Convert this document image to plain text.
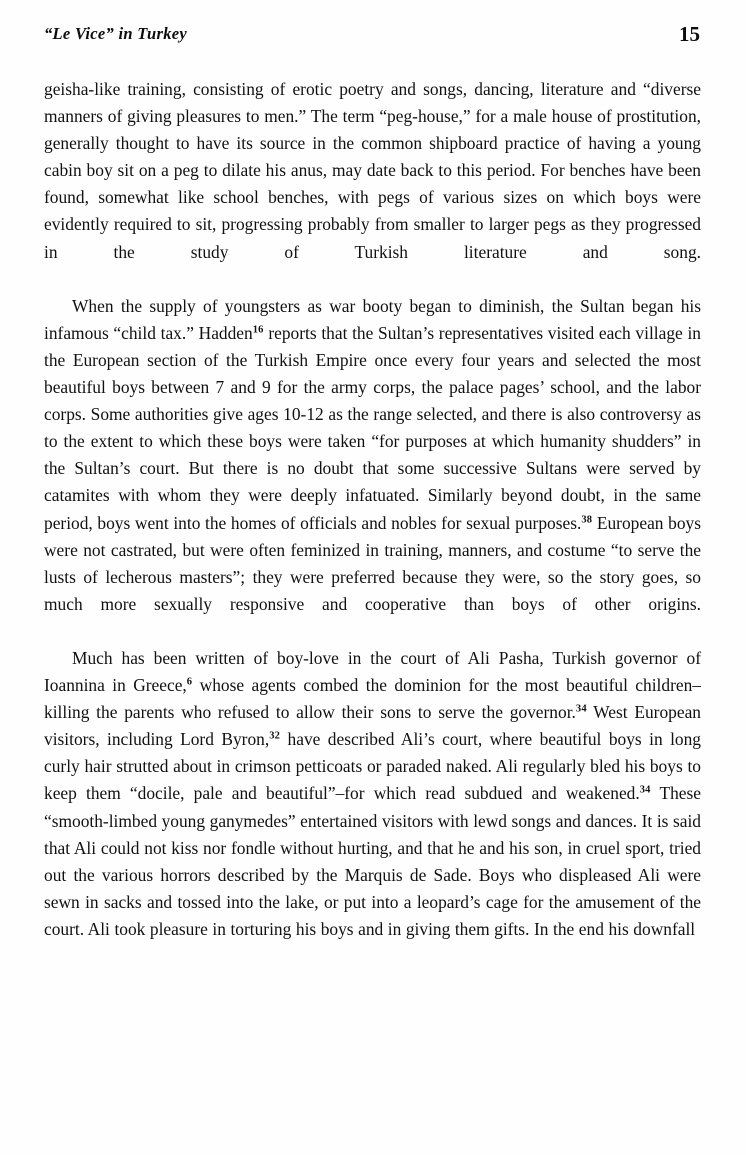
“Le Vice” in Turkey	15

geisha-like training, consisting of erotic poetry and songs, dancing, literature and “diverse manners of giving pleasures to men.” The term “peg-house,” for a male house of prostitution, generally thought to have its source in the common shipboard practice of having a young cabin boy sit on a peg to dilate his anus, may date back to this period. For benches have been found, somewhat like school benches, with pegs of various sizes on which boys were evidently required to sit, progressing probably from smaller to larger pegs as they progressed in the study of Turkish literature and song.

When the supply of youngsters as war booty began to diminish, the Sultan began his infamous “child tax.” Hadden$^{16}$ reports that the Sultan’s representatives visited each village in the European section of the Turkish Empire once every four years and selected the most beautiful boys between 7 and 9 for the army corps, the palace pages’ school, and the labor corps. Some authorities give ages 10-12 as the range selected, and there is also controversy as to the extent to which these boys were taken “for purposes at which humanity shudders” in the Sultan’s court. But there is no doubt that some successive Sultans were served by catamites with whom they were deeply infatuated. Similarly beyond doubt, in the same period, boys went into the homes of officials and nobles for sexual purposes.$^{38}$ European boys were not castrated, but were often feminized in training, manners, and costume “to serve the lusts of lecherous masters”; they were preferred because they were, so the story goes, so much more sexually responsive and cooperative than boys of other origins.

Much has been written of boy-love in the court of Ali Pasha, Turkish governor of Ioannina in Greece,$^6$ whose agents combed the dominion for the most beautiful children–killing the parents who refused to allow their sons to serve the governor.$^{34}$ West European visitors, including Lord Byron,$^{32}$ have described Ali’s court, where beautiful boys in long curly hair strutted about in crimson petticoats or paraded naked. Ali regularly bled his boys to keep them “docile, pale and beautiful”–for which read subdued and weakened.$^{34}$ These “smooth-limbed young ganymedes” entertained visitors with lewd songs and dances. It is said that Ali could not kiss nor fondle without hurting, and that he and his son, in cruel sport, tried out the various horrors described by the Marquis de Sade. Boys who displeased Ali were sewn in sacks and tossed into the lake, or put into a leopard’s cage for the amusement of the court. Ali took pleasure in torturing his boys and in giving them gifts. In the end his downfall
